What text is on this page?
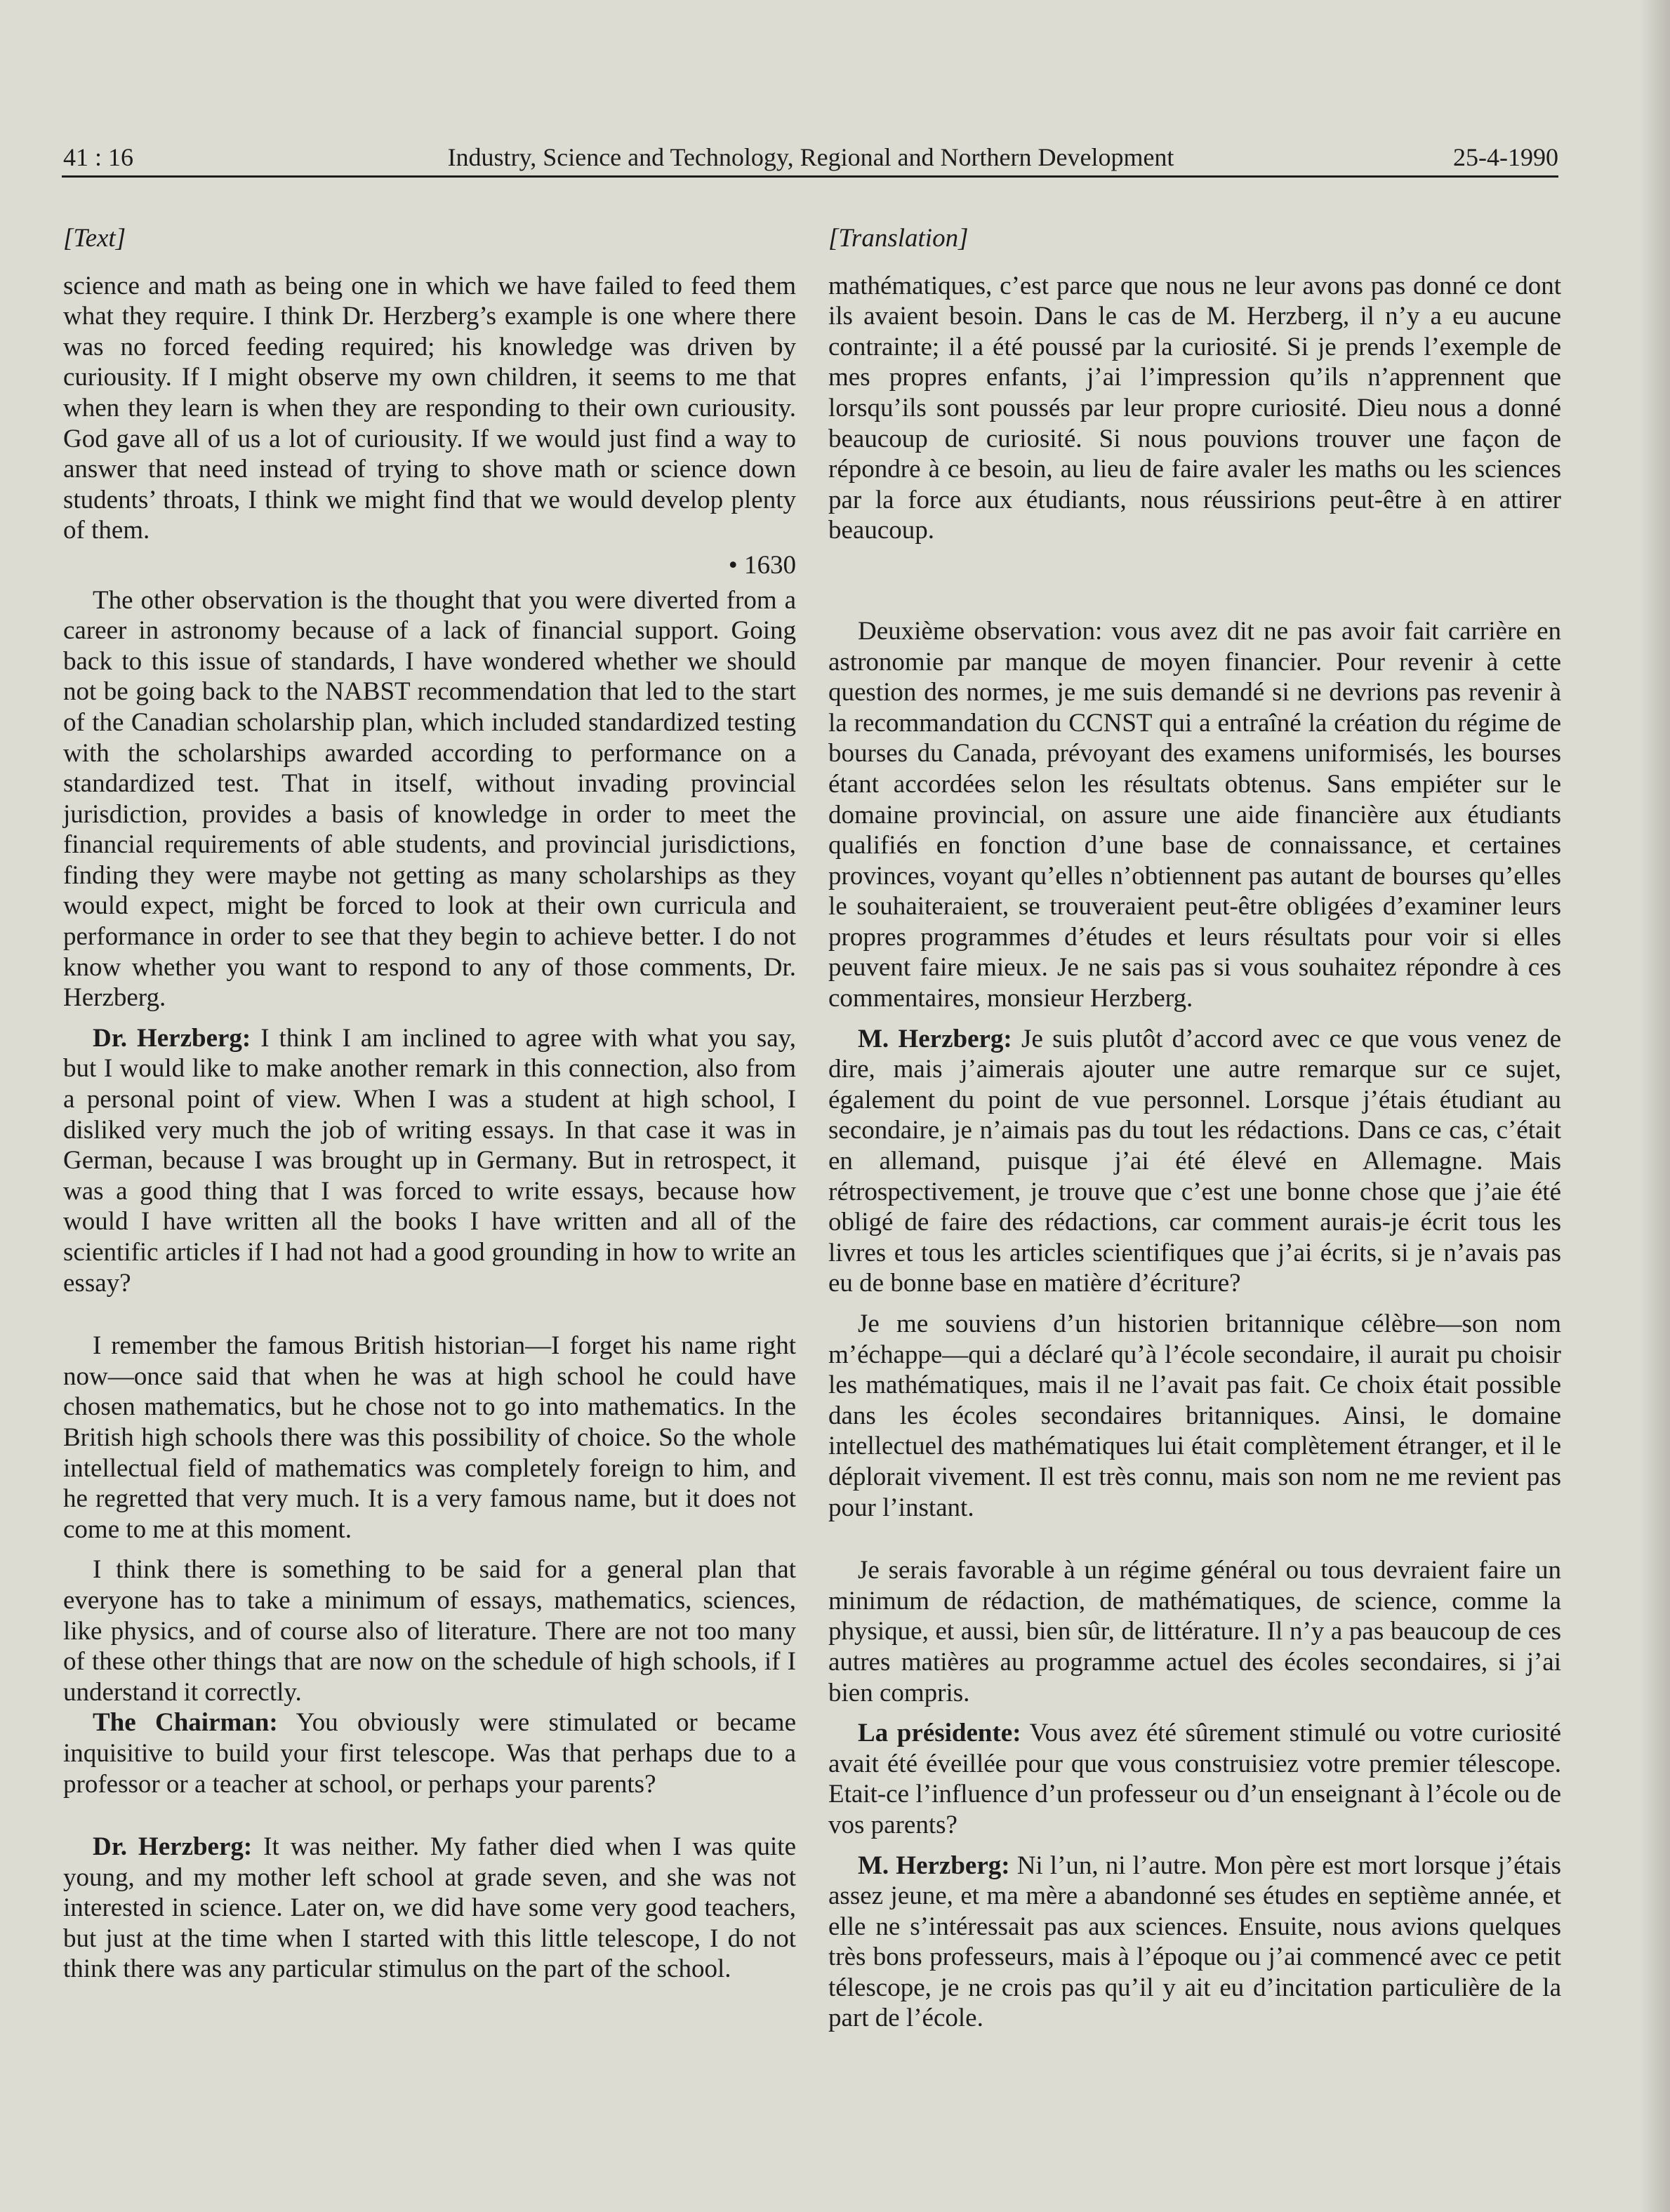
41 : 16	Industry, Science and Technology, Regional and Northern Development	25-4-1990

[Text]

science and math as being one in which we have failed to feed them what they require. I think Dr. Herzberg’s example is one where there was no forced feeding required; his knowledge was driven by curiousity. If I might observe my own children, it seems to me that when they learn is when they are responding to their own curiousity. God gave all of us a lot of curiousity. If we would just find a way to answer that need instead of trying to shove math or science down students’ throats, I think we might find that we would develop plenty of them.

• 1630

The other observation is the thought that you were diverted from a career in astronomy because of a lack of financial support. Going back to this issue of standards, I have wondered whether we should not be going back to the NABST recommendation that led to the start of the Canadian scholarship plan, which included standardized testing with the scholarships awarded according to performance on a standardized test. That in itself, without invading provincial jurisdiction, provides a basis of knowledge in order to meet the financial requirements of able students, and provincial jurisdictions, finding they were maybe not getting as many scholarships as they would expect, might be forced to look at their own curricula and performance in order to see that they begin to achieve better. I do not know whether you want to respond to any of those comments, Dr. Herzberg.

Dr. Herzberg: I think I am inclined to agree with what you say, but I would like to make another remark in this connection, also from a personal point of view. When I was a student at high school, I disliked very much the job of writing essays. In that case it was in German, because I was brought up in Germany. But in retrospect, it was a good thing that I was forced to write essays, because how would I have written all the books I have written and all of the scientific articles if I had not had a good grounding in how to write an essay?

I remember the famous British historian—I forget his name right now—once said that when he was at high school he could have chosen mathematics, but he chose not to go into mathematics. In the British high schools there was this possibility of choice. So the whole intellectual field of mathematics was completely foreign to him, and he regretted that very much. It is a very famous name, but it does not come to me at this moment.

I think there is something to be said for a general plan that everyone has to take a minimum of essays, mathematics, sciences, like physics, and of course also of literature. There are not too many of these other things that are now on the schedule of high schools, if I understand it correctly.

The Chairman: You obviously were stimulated or became inquisitive to build your first telescope. Was that perhaps due to a professor or a teacher at school, or perhaps your parents?

Dr. Herzberg: It was neither. My father died when I was quite young, and my mother left school at grade seven, and she was not interested in science. Later on, we did have some very good teachers, but just at the time when I started with this little telescope, I do not think there was any particular stimulus on the part of the school.

[Translation]

mathématiques, c’est parce que nous ne leur avons pas donné ce dont ils avaient besoin. Dans le cas de M. Herzberg, il n’y a eu aucune contrainte; il a été poussé par la curiosité. Si je prends l’exemple de mes propres enfants, j’ai l’impression qu’ils n’apprennent que lorsqu’ils sont poussés par leur propre curiosité. Dieu nous a donné beaucoup de curiosité. Si nous pouvions trouver une façon de répondre à ce besoin, au lieu de faire avaler les maths ou les sciences par la force aux étudiants, nous réussirions peut-être à en attirer beaucoup.

Deuxième observation: vous avez dit ne pas avoir fait carrière en astronomie par manque de moyen financier. Pour revenir à cette question des normes, je me suis demandé si ne devrions pas revenir à la recommandation du CCNST qui a entraîné la création du régime de bourses du Canada, prévoyant des examens uniformisés, les bourses étant accordées selon les résultats obtenus. Sans empiéter sur le domaine provincial, on assure une aide financière aux étudiants qualifiés en fonction d’une base de connaissance, et certaines provinces, voyant qu’elles n’obtiennent pas autant de bourses qu’elles le souhaiteraient, se trouveraient peut-être obligées d’examiner leurs propres programmes d’études et leurs résultats pour voir si elles peuvent faire mieux. Je ne sais pas si vous souhaitez répondre à ces commentaires, monsieur Herzberg.

M. Herzberg: Je suis plutôt d’accord avec ce que vous venez de dire, mais j’aimerais ajouter une autre remarque sur ce sujet, également du point de vue personnel. Lorsque j’étais étudiant au secondaire, je n’aimais pas du tout les rédactions. Dans ce cas, c’était en allemand, puisque j’ai été élevé en Allemagne. Mais rétrospectivement, je trouve que c’est une bonne chose que j’aie été obligé de faire des rédactions, car comment aurais-je écrit tous les livres et tous les articles scientifiques que j’ai écrits, si je n’avais pas eu de bonne base en matière d’écriture?

Je me souviens d’un historien britannique célèbre—son nom m’échappe—qui a déclaré qu’à l’école secondaire, il aurait pu choisir les mathématiques, mais il ne l’avait pas fait. Ce choix était possible dans les écoles secondaires britanniques. Ainsi, le domaine intellectuel des mathématiques lui était complètement étranger, et il le déplorait vivement. Il est très connu, mais son nom ne me revient pas pour l’instant.

Je serais favorable à un régime général ou tous devraient faire un minimum de rédaction, de mathématiques, de science, comme la physique, et aussi, bien sûr, de littérature. Il n’y a pas beaucoup de ces autres matières au programme actuel des écoles secondaires, si j’ai bien compris.

La présidente: Vous avez été sûrement stimulé ou votre curiosité avait été éveillée pour que vous construisiez votre premier télescope. Etait-ce l’influence d’un professeur ou d’un enseignant à l’école ou de vos parents?

M. Herzberg: Ni l’un, ni l’autre. Mon père est mort lorsque j’étais assez jeune, et ma mère a abandonné ses études en septième année, et elle ne s’intéressait pas aux sciences. Ensuite, nous avions quelques très bons professeurs, mais à l’époque ou j’ai commencé avec ce petit télescope, je ne crois pas qu’il y ait eu d’incitation particulière de la part de l’école.
